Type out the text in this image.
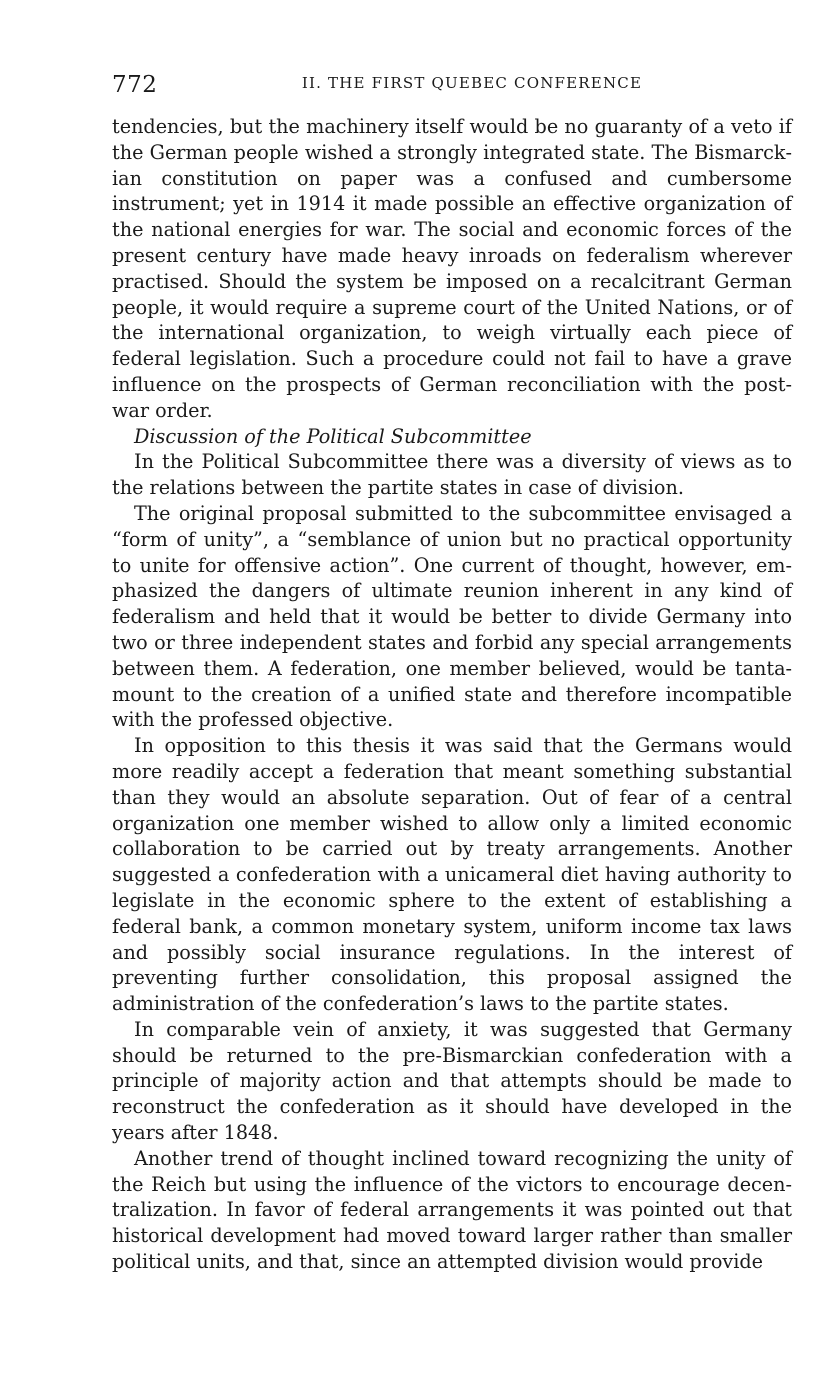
772	II. THE FIRST QUEBEC CONFERENCE

tendencies, but the machinery itself would be no guaranty of a veto if the German people wished a strongly integrated state. The Bismarckian constitution on paper was a confused and cumbersome instrument; yet in 1914 it made possible an effective organization of the national energies for war. The social and economic forces of the present century have made heavy inroads on federalism wherever practised. Should the system be imposed on a recalcitrant German people, it would require a supreme court of the United Nations, or of the international organization, to weigh virtually each piece of federal legislation. Such a procedure could not fail to have a grave influence on the prospects of German reconciliation with the post-war order.

Discussion of the Political Subcommittee

In the Political Subcommittee there was a diversity of views as to the relations between the partite states in case of division.

The original proposal submitted to the subcommittee envisaged a “form of unity”, a “semblance of union but no practical opportunity to unite for offensive action”. One current of thought, however, emphasized the dangers of ultimate reunion inherent in any kind of federalism and held that it would be better to divide Germany into two or three independent states and forbid any special arrangements between them. A federation, one member believed, would be tantamount to the creation of a unified state and therefore incompatible with the professed objective.

In opposition to this thesis it was said that the Germans would more readily accept a federation that meant something substantial than they would an absolute separation. Out of fear of a central organization one member wished to allow only a limited economic collaboration to be carried out by treaty arrangements. Another suggested a confederation with a unicameral diet having authority to legislate in the economic sphere to the extent of establishing a federal bank, a common monetary system, uniform income tax laws and possibly social insurance regulations. In the interest of preventing further consolidation, this proposal assigned the administration of the confederation’s laws to the partite states.

In comparable vein of anxiety, it was suggested that Germany should be returned to the pre-Bismarckian confederation with a principle of majority action and that attempts should be made to reconstruct the confederation as it should have developed in the years after 1848.

Another trend of thought inclined toward recognizing the unity of the Reich but using the influence of the victors to encourage decentralization. In favor of federal arrangements it was pointed out that historical development had moved toward larger rather than smaller political units, and that, since an attempted division would provide
